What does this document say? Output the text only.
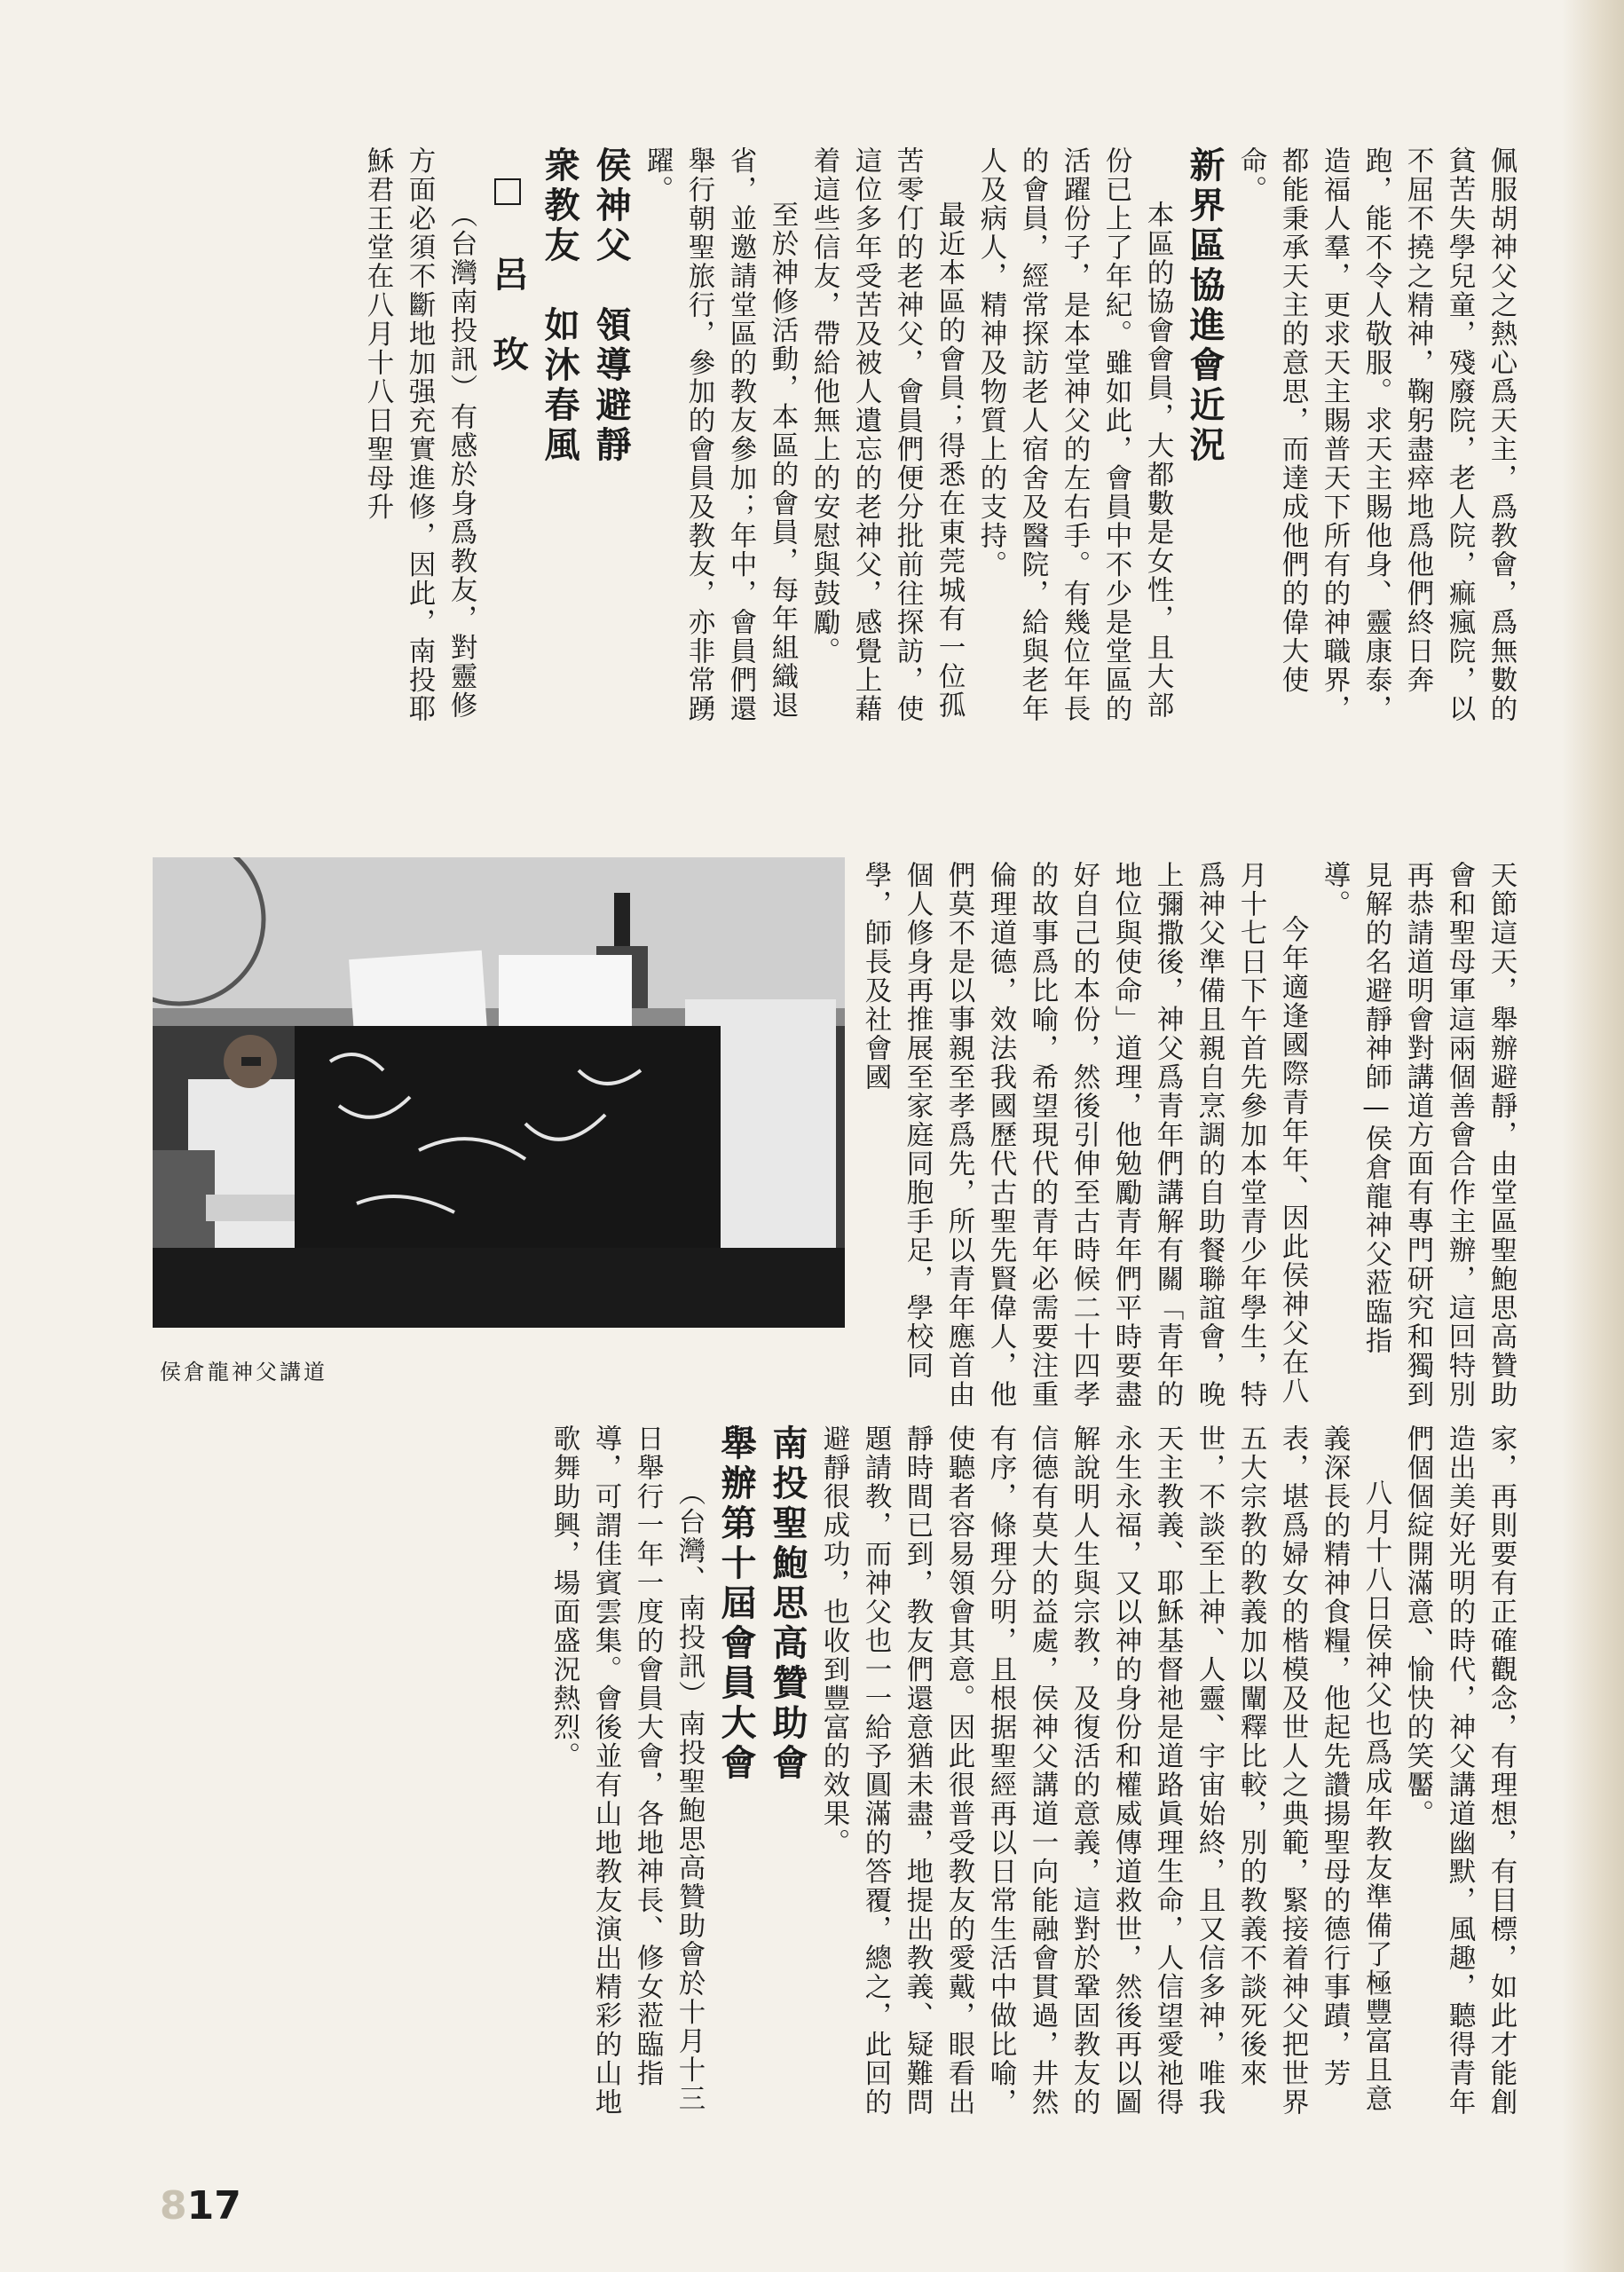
佩服胡神父之熱心爲天主，爲教會，爲無數的貧苦失學兒童，殘廢院，老人院，痲瘋院，以不屈不撓之精神，鞠躬盡瘁地爲他們終日奔跑，能不令人敬服。求天主賜他身、靈康泰，造福人羣，更求天主賜普天下所有的神職界，都能秉承天主的意思，而達成他們的偉大使命。

新界區協進會近況

本區的協會會員，大都數是女性，且大部份已上了年紀。雖如此，會員中不少是堂區的活躍份子，是本堂神父的左右手。有幾位年長的會員，經常探訪老人宿舍及醫院，給與老年人及病人，精神及物質上的支持。

最近本區的會員；得悉在東莞城有一位孤苦零仃的老神父，會員們便分批前往探訪，使這位多年受苦及被人遺忘的老神父，感覺上藉着這些信友，帶給他無上的安慰與鼓勵。

至於神修活動，本區的會員，每年組織退省，並邀請堂區的教友參加；年中，會員們還舉行朝聖旅行，參加的會員及教友，亦非常踴躍。

侯神父　領導避靜

衆教友　如沐春風  呂　玫

（台灣南投訊）有感於身爲教友，對靈修方面必須不斷地加强充實進修，因此，南投耶穌君王堂在八月十八日聖母升

天節這天，舉辦避靜，由堂區聖鮑思高贊助會和聖母軍這兩個善會合作主辦，這回特別再恭請道明會對講道方面有專門研究和獨到見解的名避靜神師—侯倉龍神父蒞臨指導。

今年適逢國際青年年、因此侯神父在八月十七日下午首先參加本堂青少年學生，特爲神父準備且親自烹調的自助餐聯誼會，晚上彌撒後，神父爲青年們講解有關「青年的地位與使命」道理，他勉勵青年們平時要盡好自己的本份，然後引伸至古時候二十四孝的故事爲比喻，希望現代的青年必需要注重倫理道德，效法我國歷代古聖先賢偉人，他們莫不是以事親至孝爲先，所以青年應首由個人修身再推展至家庭同胞手足，學校同學，師長及社會國

侯倉龍神父講道

家，再則要有正確觀念，有理想，有目標，如此才能創造出美好光明的時代，神父講道幽默，風趣，聽得青年們個個綻開滿意、愉快的笑靨。

八月十八日侯神父也爲成年教友準備了極豐富且意義深長的精神食糧，他起先讚揚聖母的德行事蹟，芳表，堪爲婦女的楷模及世人之典範，緊接着神父把世界五大宗教的教義加以闡釋比較，別的教義不談死後來世，不談至上神、人靈、宇宙始終，且又信多神，唯我天主教義、耶穌基督祂是道路眞理生命，人信望愛祂得永生永福，又以神的身份和權威傳道救世，然後再以圖解說明人生與宗教，及復活的意義，這對於鞏固教友的信德有莫大的益處，侯神父講道一向能融會貫過，井然有序，條理分明，且根据聖經再以日常生活中做比喻，使聽者容易領會其意。因此很普受教友的愛戴，眼看出靜時間已到，教友們還意猶未盡，地提出教義、疑難問題請教，而神父也一一給予圓滿的答覆，總之，此回的避靜很成功，也收到豐富的效果。

南投聖鮑思高贊助會

舉辦第十屆會員大會

（台灣、南投訊）南投聖鮑思高贊助會於十月十三日舉行一年一度的會員大會，各地神長、修女蒞臨指導，可謂佳賓雲集。會後並有山地教友演出精彩的山地歌舞助興，場面盛況熱烈。

817
